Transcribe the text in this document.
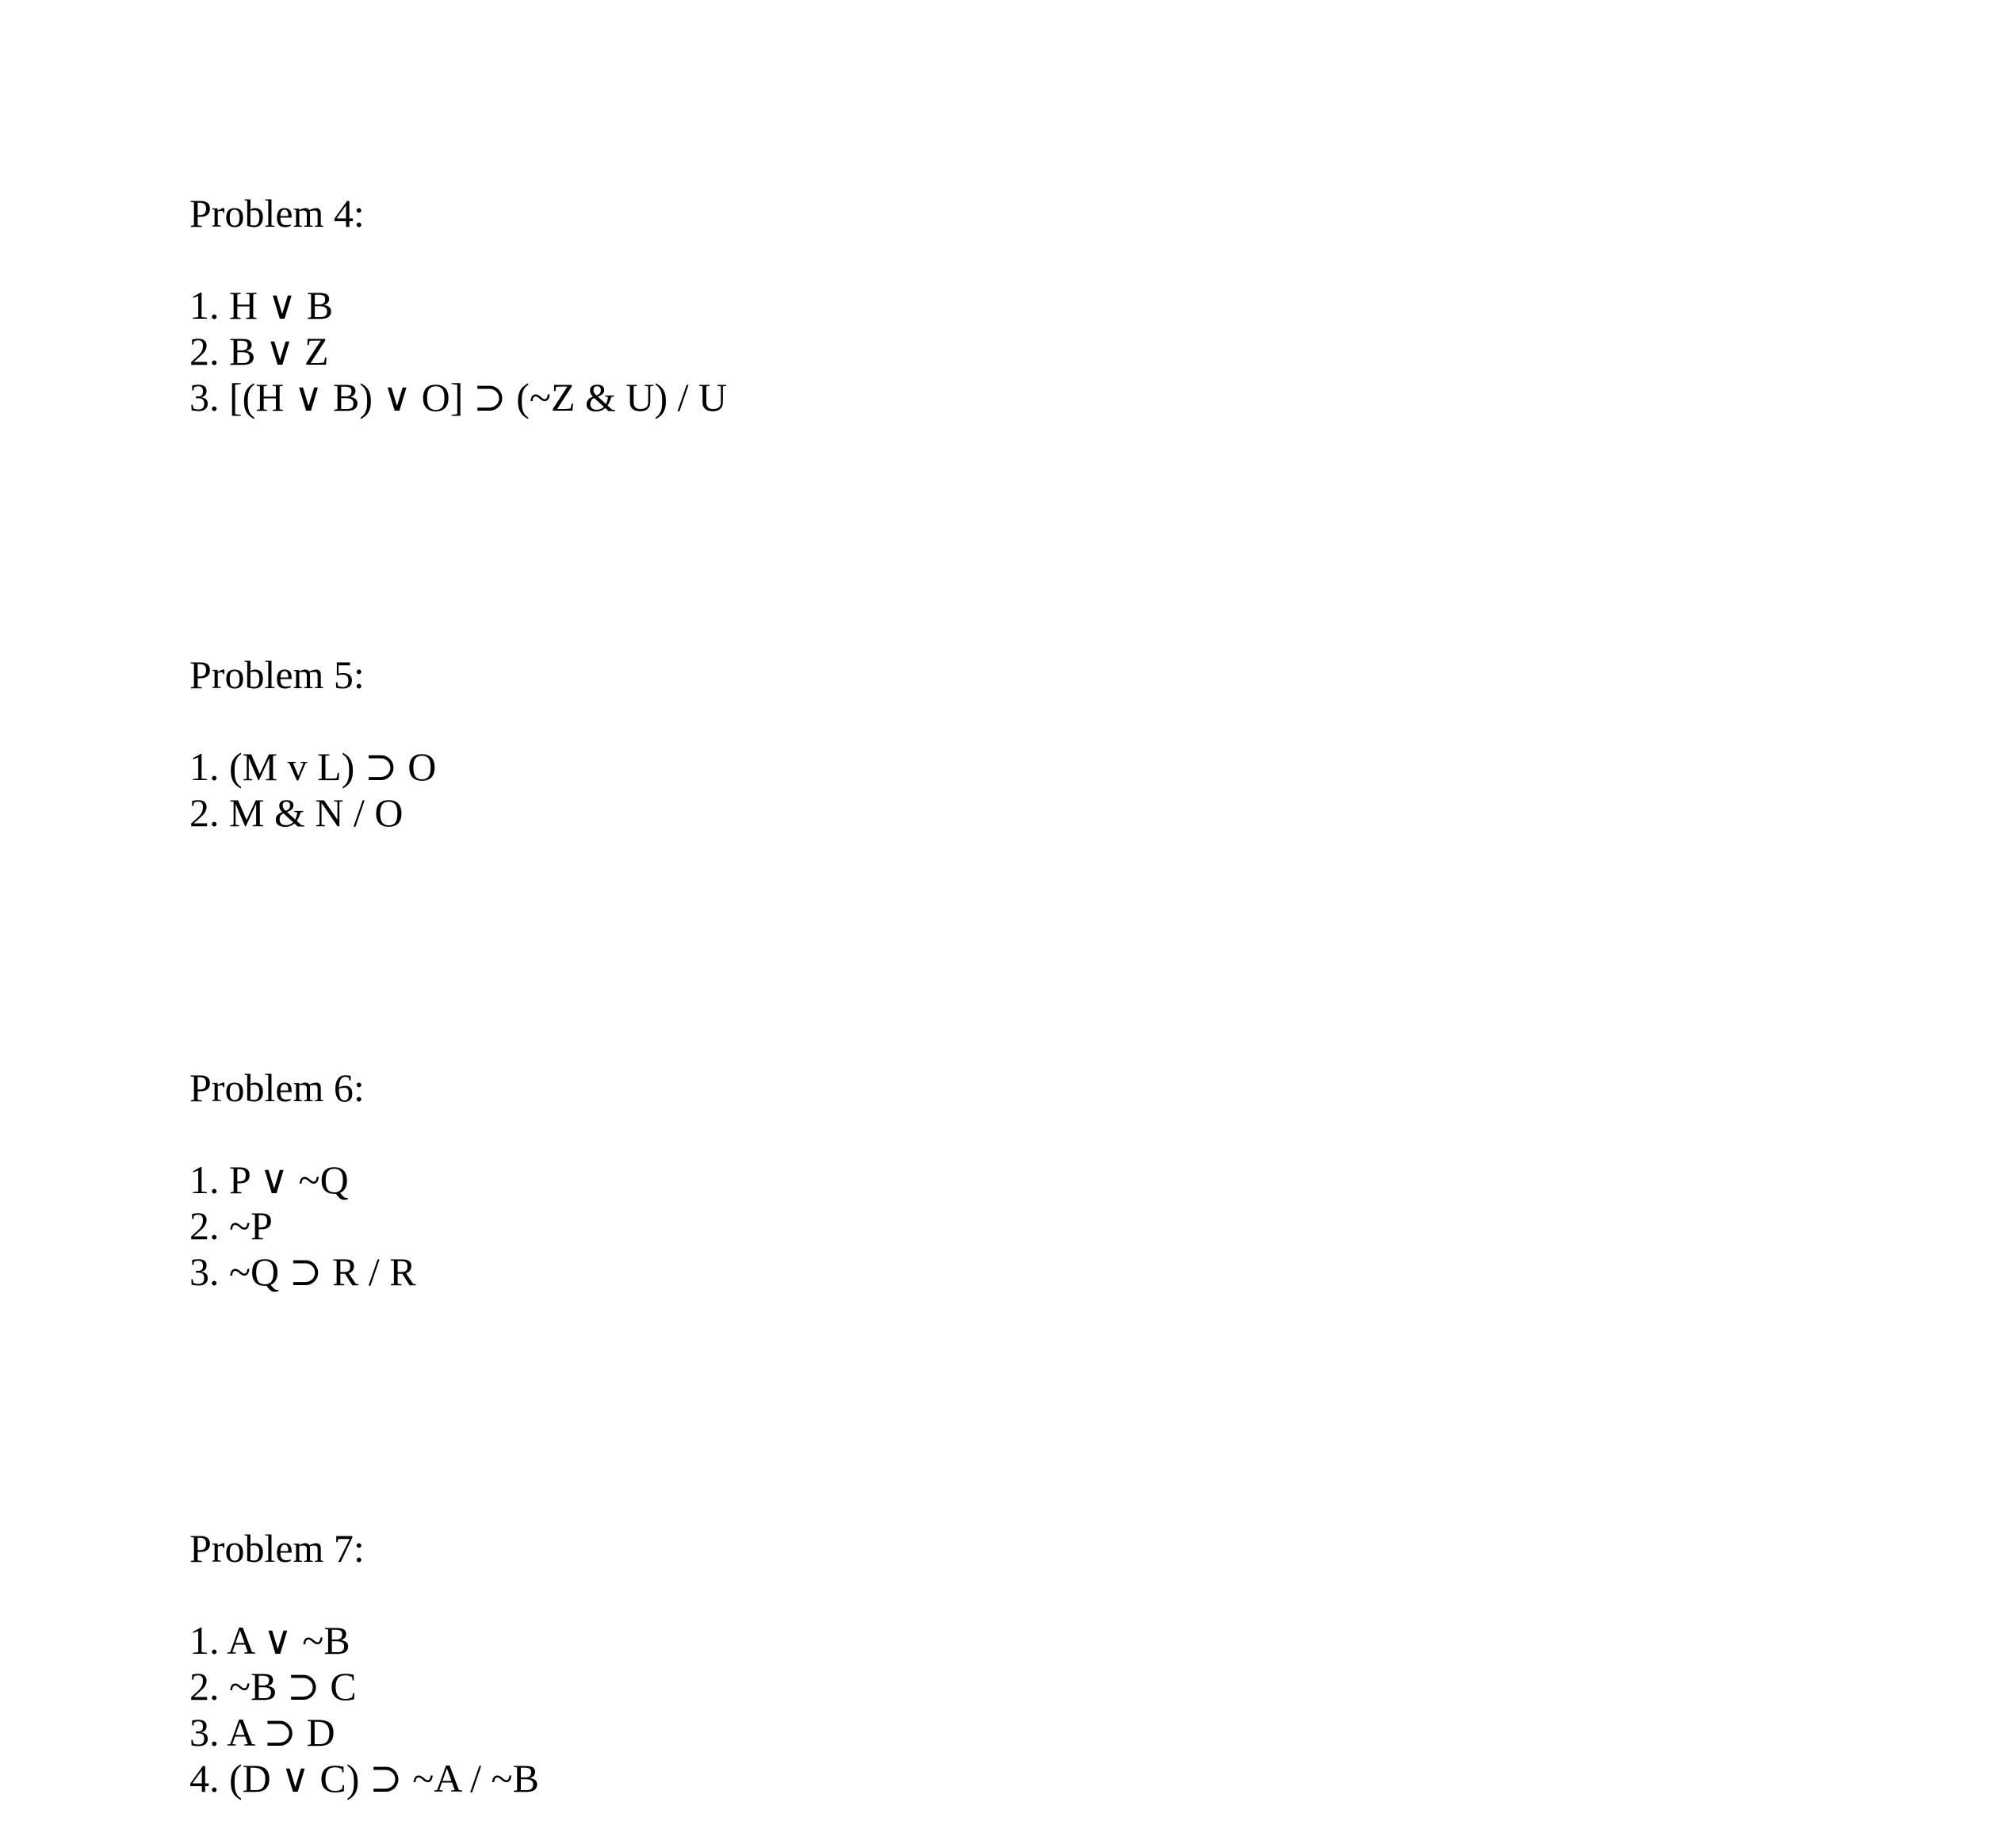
Problem 4:
1. H ∨ B
2. B ∨ Z
3. [(H ∨ B) ∨ O] ⊃ (~Z & U) / U
Problem 5:
1. (M v L) ⊃ O
2. M & N / O
Problem 6:
1. P ∨ ~Q
2. ~P
3. ~Q ⊃ R / R
Problem 7:
1. A ∨ ~B
2. ~B ⊃ C
3. A ⊃ D
4. (D ∨ C) ⊃ ~A / ~B
